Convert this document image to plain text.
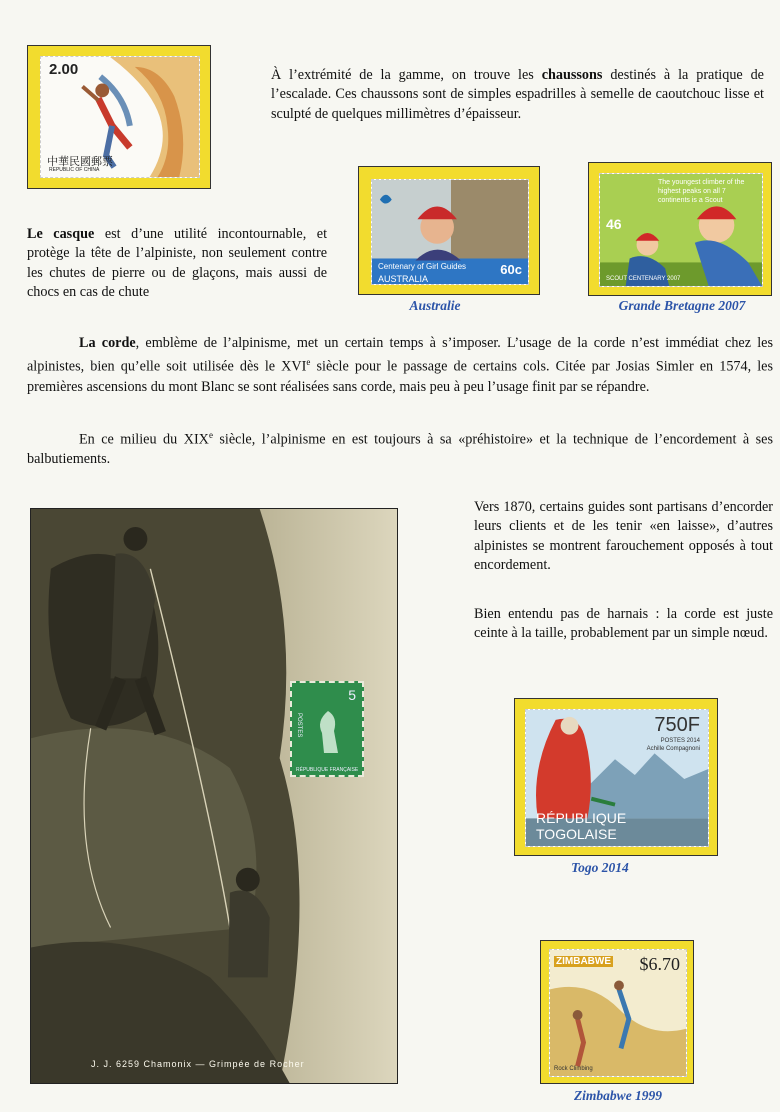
2.00
中華民國郵票
REPUBLIC OF CHINA

À l’extrémité de la gamme, on trouve les chaussons destinés à la pratique de l’escalade. Ces chaussons sont de simples espadrilles à semelle de caoutchouc lisse et sculpté de quelques millimètres d’épaisseur.

Centenary of Girl Guides
AUSTRALIA
60c
The youngest climber of the highest peaks on all 7 continents is a Scout
46
SCOUT CENTENARY 2007
Australie	Grande Bretagne 2007

Le casque est d’une utilité incontournable, et protège la tête de l’alpiniste, non seulement contre les chutes de pierre ou de glaçons, mais aussi de chocs en cas de chute

La corde, emblème de l’alpinisme, met un certain temps à s’imposer. L’usage de la corde n’est immédiat chez les alpinistes, bien qu’elle soit utilisée dès le XVIe siècle pour le passage de certains cols. Citée par Josias Simler en 1574, les premières ascensions du mont Blanc se sont réalisées sans corde, mais peu à peu l’usage finit par se répandre.

En ce milieu du XIXe siècle, l’alpinisme en est toujours à sa «préhistoire» et la technique de l’encordement à ses balbutiements.

5
POSTES
RÉPUBLIQUE FRANÇAISE
J. J. 6259 Chamonix — Grimpée de Rocher

Vers 1870, certains guides sont partisans d’encorder leurs clients et de les tenir «en laisse», d’autres alpinistes se montrent farouchement opposés à tout encordement.

Bien entendu pas de harnais : la corde est juste ceinte à la taille, probablement par un simple nœud.

750F
POSTES 2014
Achille Compagnoni
RÉPUBLIQUE TOGOLAISE
Togo 2014
ZIMBABWE $6.70
Rock Climbing
Zimbabwe 1999
